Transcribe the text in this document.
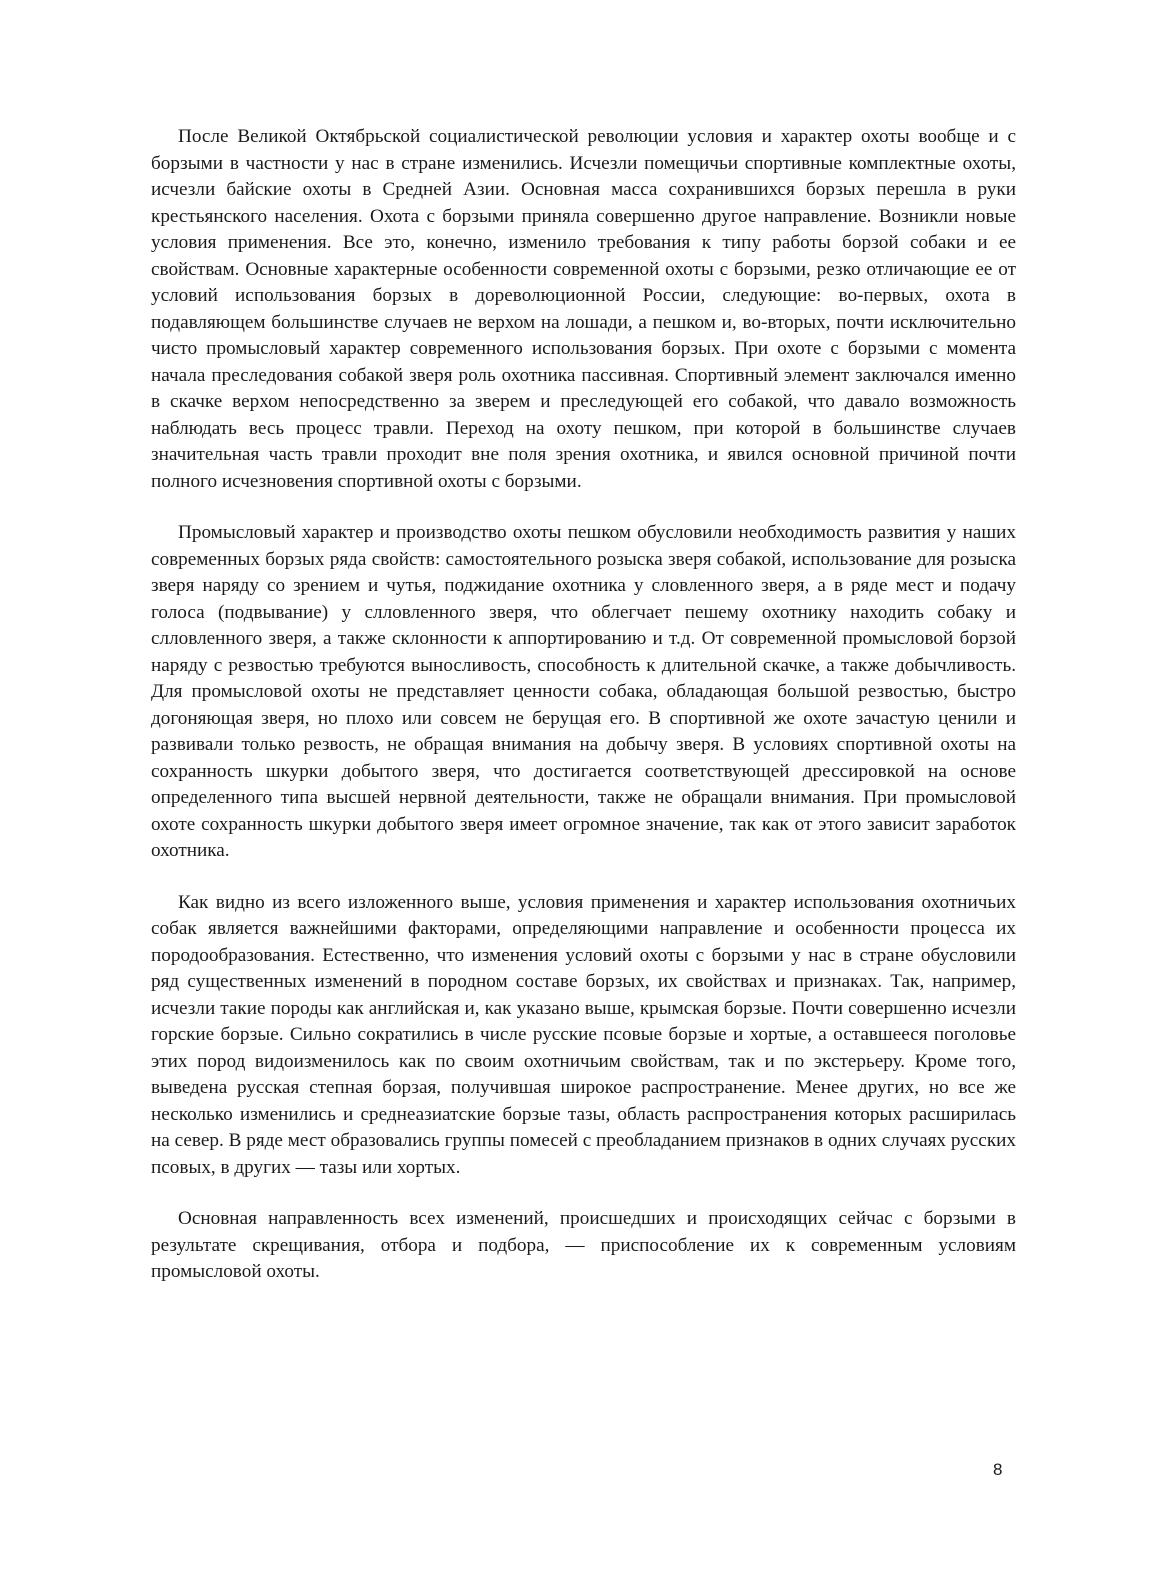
После Великой Октябрьской социалистической революции условия и характер охоты вообще и с борзыми в частности у нас в стране изменились. Исчезли помещичьи спортивные комплектные охоты, исчезли байские охоты в Средней Азии. Основная масса сохранившихся борзых перешла в руки крестьянского населения. Охота с борзыми приняла совершенно другое направление. Возникли новые условия применения. Все это, конечно, изменило требования к типу работы борзой собаки и ее свойствам. Основные характерные особенности современной охоты с борзыми, резко отличающие ее от условий использования борзых в дореволюционной России, следующие: во-первых, охота в подавляющем большинстве случаев не верхом на лошади, а пешком и, во-вторых, почти исключительно чисто промысловый характер современного использования борзых. При охоте с борзыми с момента начала преследования собакой зверя роль охотника пассивная. Спортивный элемент заключался именно в скачке верхом непосредственно за зверем и преследующей его собакой, что давало возможность наблюдать весь процесс травли. Переход на охоту пешком, при которой в большинстве случаев значительная часть травли проходит вне поля зрения охотника, и явился основной причиной почти полного исчезновения спортивной охоты с борзыми.

Промысловый характер и производство охоты пешком обусловили необходимость развития у наших современных борзых ряда свойств: самостоятельного розыска зверя собакой, использование для розыска зверя наряду со зрением и чутья, поджидание охотника у словленного зверя, а в ряде мест и подачу голоса (подвывание) у слловленного зверя, что облегчает пешему охотнику находить собаку и слловленного зверя, а также склонности к аппортированию и т.д. От современной промысловой борзой наряду с резвостью требуются выносливость, способность к длительной скачке, а также добычливость. Для промысловой охоты не представляет ценности собака, обладающая большой резвостью, быстро догоняющая зверя, но плохо или совсем не берущая его. В спортивной же охоте зачастую ценили и развивали только резвость, не обращая внимания на добычу зверя. В условиях спортивной охоты на сохранность шкурки добытого зверя, что достигается соответствующей дрессировкой на основе определенного типа высшей нервной деятельности, также не обращали внимания. При промысловой охоте сохранность шкурки добытого зверя имеет огромное значение, так как от этого зависит заработок охотника.

Как видно из всего изложенного выше, условия применения и характер использования охотничьих собак является важнейшими факторами, определяющими направление и особенности процесса их породообразования. Естественно, что изменения условий охоты с борзыми у нас в стране обусловили ряд существенных изменений в породном составе борзых, их свойствах и признаках. Так, например, исчезли такие породы как английская и, как указано выше, крымская борзые. Почти совершенно исчезли горские борзые. Сильно сократились в числе русские псовые борзые и хортые, а оставшееся поголовье этих пород видоизменилось как по своим охотничьим свойствам, так и по экстерьеру. Кроме того, выведена русская степная борзая, получившая широкое распространение. Менее других, но все же несколько изменились и среднеазиатские борзые тазы, область распространения которых расширилась на север. В ряде мест образовались группы помесей с преобладанием признаков в одних случаях русских псовых, в других — тазы или хортых.

Основная направленность всех изменений, происшедших и происходящих сейчас с борзыми в результате скрещивания, отбора и подбора, — приспособление их к современным условиям промысловой охоты.

8
